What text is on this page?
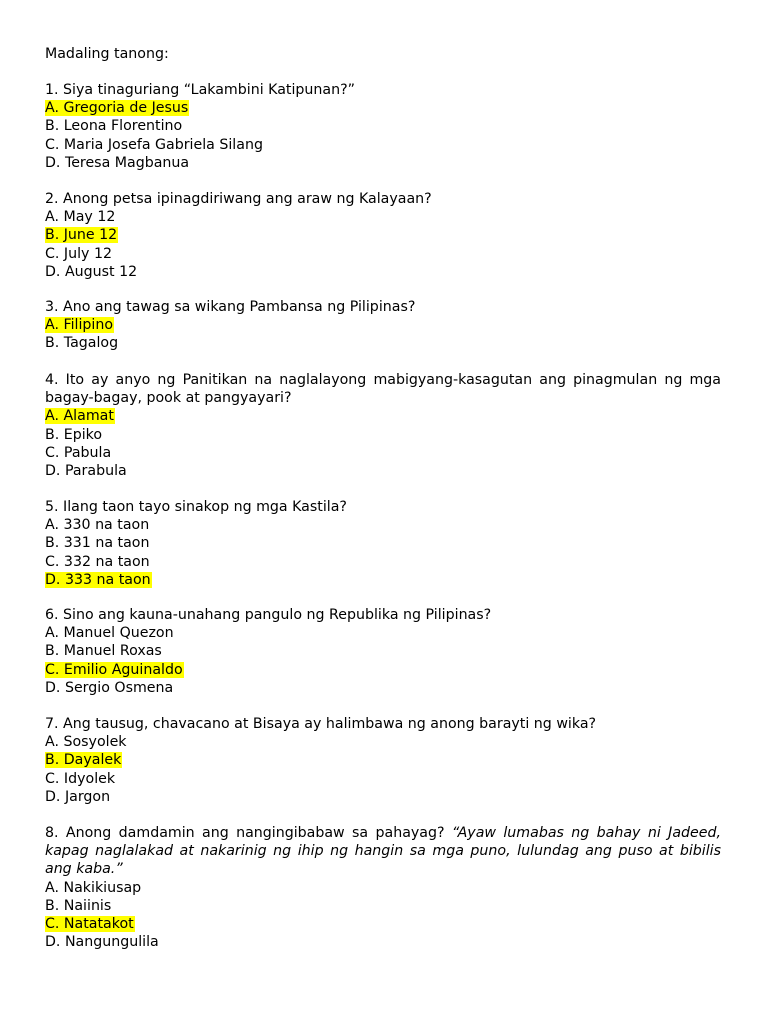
Madaling tanong:
1. Siya tinaguriang “Lakambini Katipunan?”
A. Gregoria de Jesus
B. Leona Florentino
C. Maria Josefa Gabriela Silang
D. Teresa Magbanua
2. Anong petsa ipinagdiriwang ang araw ng Kalayaan?
A. May 12
B. June 12
C. July 12
D. August 12
3. Ano ang tawag sa wikang Pambansa ng Pilipinas?
A. Filipino
B. Tagalog
4. Ito ay anyo ng Panitikan na naglalayong mabigyang-kasagutan ang pinagmulan ng mga bagay-bagay, pook at pangyayari?
A. Alamat
B. Epiko
C. Pabula
D. Parabula
5. Ilang taon tayo sinakop ng mga Kastila?
A. 330 na taon
B. 331 na taon
C. 332 na taon
D. 333 na taon
6. Sino ang kauna-unahang pangulo ng Republika ng Pilipinas?
A. Manuel Quezon
B. Manuel Roxas
C. Emilio Aguinaldo
D. Sergio Osmena
7. Ang tausug, chavacano at Bisaya ay halimbawa ng anong barayti ng wika?
A. Sosyolek
B. Dayalek
C. Idyolek
D. Jargon
8. Anong damdamin ang nangingibabaw sa pahayag? “Ayaw lumabas ng bahay ni Jadeed, kapag naglalakad at nakarinig ng ihip ng hangin sa mga puno, lulundag ang puso at bibilis ang kaba.”
A. Nakikiusap
B. Naiinis
C. Natatakot
D. Nangungulila
